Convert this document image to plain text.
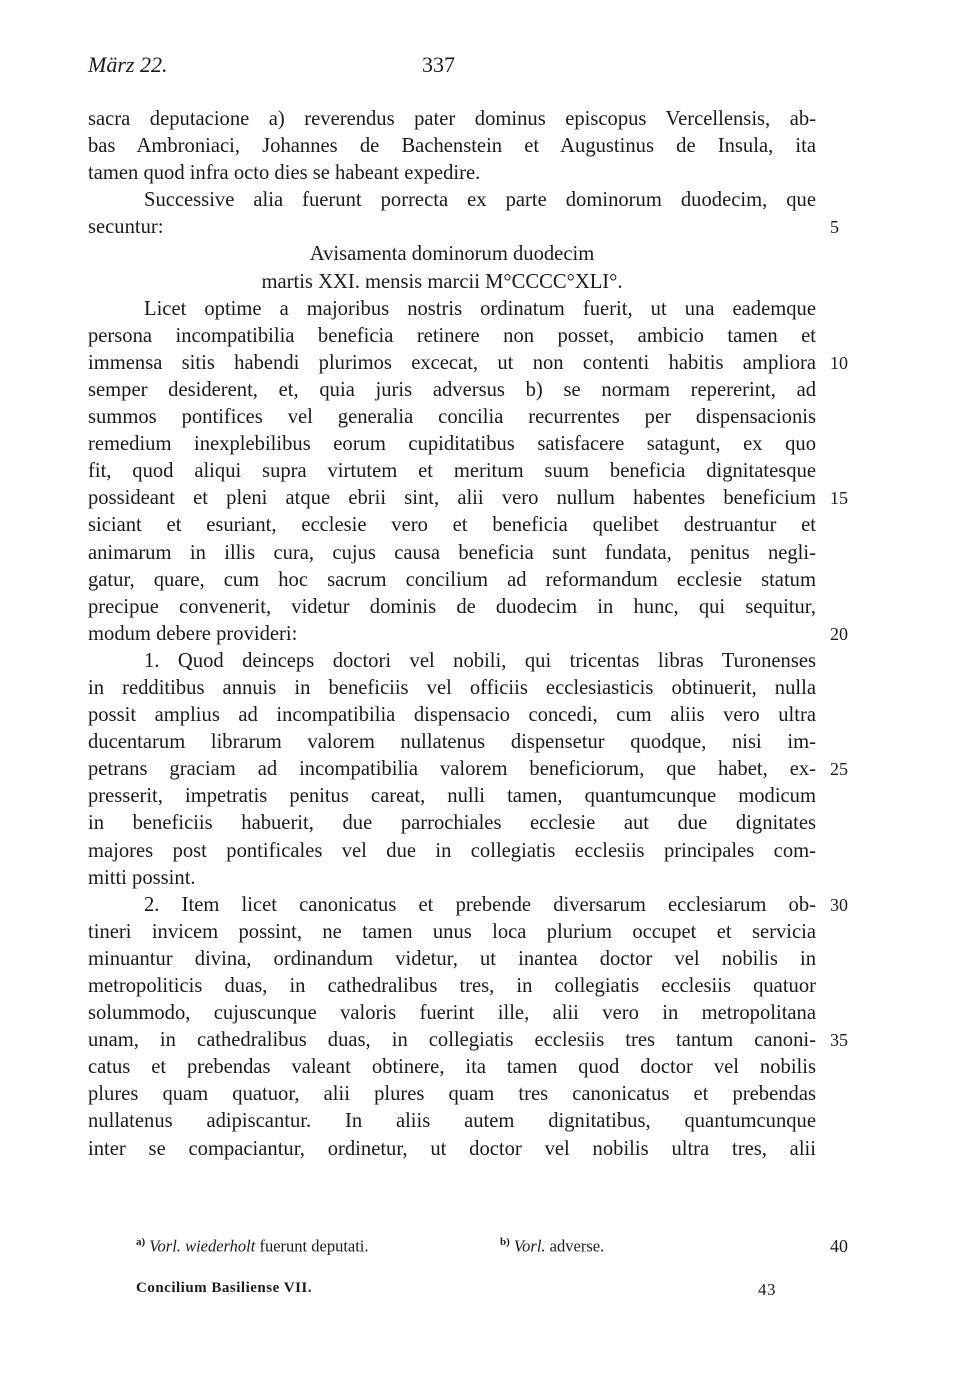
März 22.	337
sacra deputacione a) reverendus pater dominus episcopus Vercellensis, ab-
bas Ambroniaci, Johannes de Bachenstein et Augustinus de Insula, ita
tamen quod infra octo dies se habeant expedire.
Successive alia fuerunt porrecta ex parte dominorum duodecim, que
secuntur:	5
Avisamenta dominorum duodecim
martis XXI. mensis marcii M°CCCC°XLI°.
Licet optime a majoribus nostris ordinatum fuerit, ut una eademque
persona incompatibilia beneficia retinere non posset, ambicio tamen et
immensa sitis habendi plurimos excecat, ut non contenti habitis ampliora 10
semper desiderent, et, quia juris adversus b) se normam repererint, ad
summos pontifices vel generalia concilia recurrentes per dispensacionis
remedium inexplebilibus eorum cupiditatibus satisfacere satagunt, ex quo
fit, quod aliqui supra virtutem et meritum suum beneficia dignitatesque
possideant et pleni atque ebrii sint, alii vero nullum habentes beneficium 15
siciant et esuriant, ecclesie vero et beneficia quelibet destruantur et
animarum in illis cura, cujus causa beneficia sunt fundata, penitus negli-
gatur, quare, cum hoc sacrum concilium ad reformandum ecclesie statum
precipue convenerit, videtur dominis de duodecim in hunc, qui sequitur,
modum debere provideri:	20
1. Quod deinceps doctori vel nobili, qui tricentas libras Turonenses
in redditibus annuis in beneficiis vel officiis ecclesiasticis obtinuerit, nulla
possit amplius ad incompatibilia dispensacio concedi, cum aliis vero ultra
ducentarum librarum valorem nullatenus dispensetur quodque, nisi im-
petrans graciam ad incompatibilia valorem beneficiorum, que habet, ex- 25
presserit, impetratis penitus careat, nulli tamen, quantumcunque modicum
in beneficiis habuerit, due parrochiales ecclesie aut due dignitates
majores post pontificales vel due in collegiatis ecclesiis principales com-
mitti possint.
2. Item licet canonicatus et prebende diversarum ecclesiarum ob- 30
tineri invicem possint, ne tamen unus loca plurium occupet et servicia
minuantur divina, ordinandum videtur, ut inantea doctor vel nobilis in
metropoliticis duas, in cathedralibus tres, in collegiatis ecclesiis quatuor
solummodo, cujuscunque valoris fuerint ille, alii vero in metropolitana
unam, in cathedralibus duas, in collegiatis ecclesiis tres tantum canoni- 35
catus et prebendas valeant obtinere, ita tamen quod doctor vel nobilis
plures quam quatuor, alii plures quam tres canonicatus et prebendas
nullatenus adipiscantur. In aliis autem dignitatibus, quantumcunque
inter se compaciantur, ordinetur, ut doctor vel nobilis ultra tres, alii
$^{a)}$ Vorl. wiederholt fuerunt deputati.	$^{b)}$ Vorl. adverse.	40
Concilium Basiliense VII.	43
